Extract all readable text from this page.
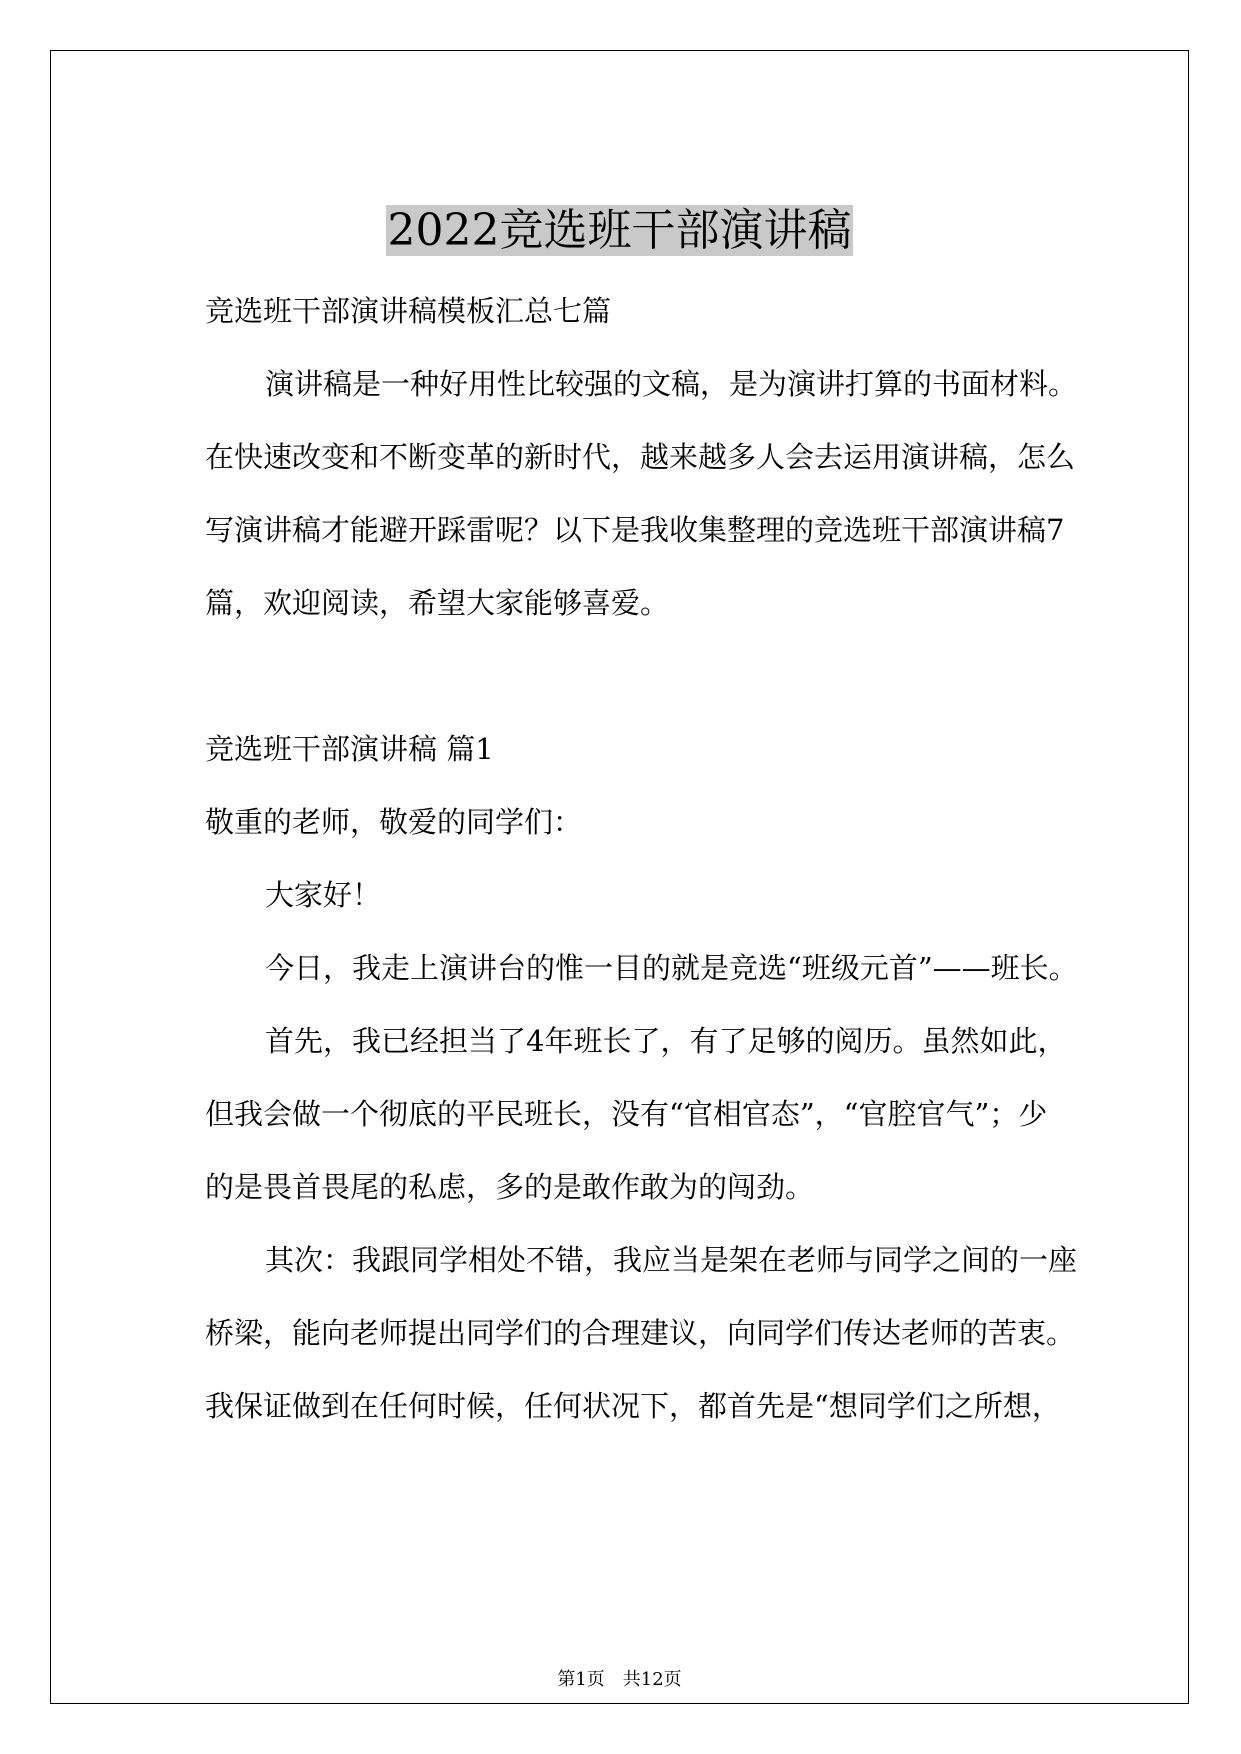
2022竞选班干部演讲稿
竞选班干部演讲稿模板汇总七篇
演讲稿是一种好用性比较强的文稿，是为演讲打算的书面材料。
在快速改变和不断变革的新时代，越来越多人会去运用演讲稿，怎么
写演讲稿才能避开踩雷呢？以下是我收集整理的竞选班干部演讲稿7
篇，欢迎阅读，希望大家能够喜爱。
竞选班干部演讲稿 篇1
敬重的老师，敬爱的同学们：
大家好！
今日，我走上演讲台的惟一目的就是竞选“班级元首”——班长。
首先，我已经担当了4年班长了，有了足够的阅历。虽然如此，
但我会做一个彻底的平民班长，没有“官相官态”，“官腔官气”；少
的是畏首畏尾的私虑，多的是敢作敢为的闯劲。
其次：我跟同学相处不错，我应当是架在老师与同学之间的一座
桥梁，能向老师提出同学们的合理建议，向同学们传达老师的苦衷。
我保证做到在任何时候，任何状况下，都首先是“想同学们之所想，
第1页　共12页
